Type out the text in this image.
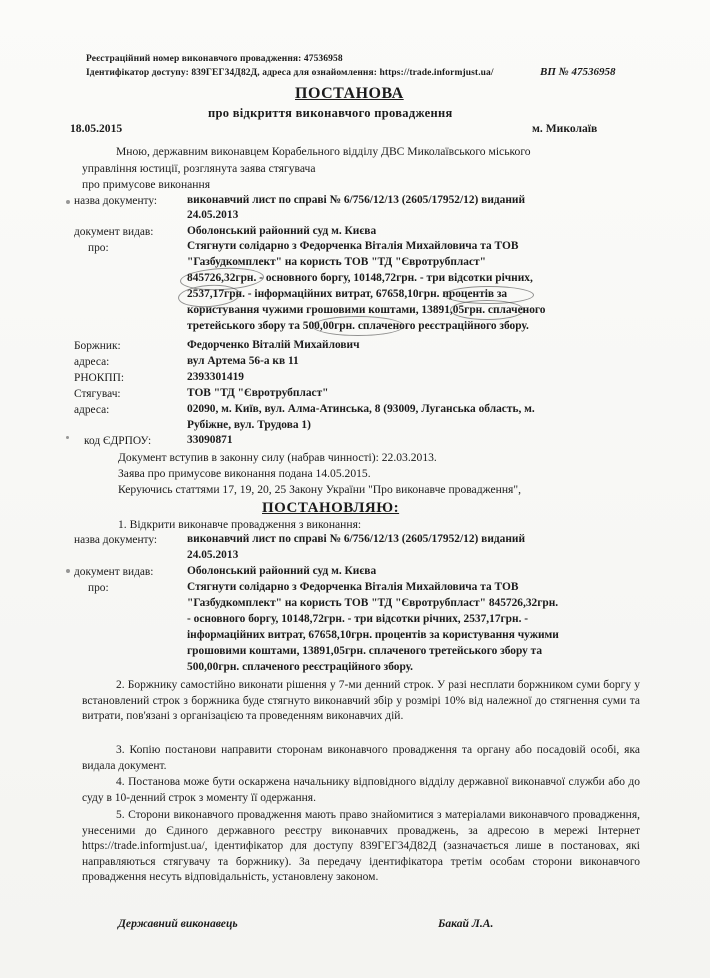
Реєстраційний номер виконавчого провадження: 47536958
Ідентифікатор доступу: 839ГЕГ34Д82Д, адреса для ознайомлення: https://trade.informjust.ua/	ВП № 47536958
ПОСТАНОВА
про відкриття виконавчого провадження
18.05.2015	м. Миколаїв
Мною, державним виконавцем Корабельного відділу ДВС Миколаївського міського
управління юстиції, розглянута заява стягувача
про примусове виконання
назва документу:	виконавчий лист по справі № 6/756/12/13 (2605/17952/12) виданий
24.05.2013
документ видав:	Оболонський районний суд м. Києва
про:	Стягнути солідарно з Федорченка Віталія Михайловича та ТОВ
"Газбудкомплект" на користь ТОВ "ТД "Євротрубпласт"
845726,32грн. - основного боргу, 10148,72грн. - три відсотки річних,
2537,17грн. - інформаційних витрат, 67658,10грн. процентів за
користування чужими грошовими коштами, 13891,05грн. сплаченого
третейського збору та 500,00грн. сплаченого реєстраційного збору.
Боржник:	Федорченко Віталій Михайлович
адреса:	вул Артема 56-а кв 11
РНОКПП:	2393301419
Стягувач:	ТОВ "ТД "Євротрубпласт"
адреса:	02090, м. Київ, вул. Алма-Атинська, 8 (93009, Луганська область, м.
Рубіжне, вул. Трудова 1)
код ЄДРПОУ:	33090871
Документ вступив в законну силу (набрав чинності): 22.03.2013.
Заява про примусове виконання подана 14.05.2015.
Керуючись статтями 17, 19, 20, 25 Закону України "Про виконавче провадження",
ПОСТАНОВЛЯЮ:
1. Відкрити виконавче провадження з виконання:
назва документу:	виконавчий лист по справі № 6/756/12/13 (2605/17952/12) виданий
24.05.2013
документ видав:	Оболонський районний суд м. Києва
про:	Стягнути солідарно з Федорченка Віталія Михайловича та ТОВ
"Газбудкомплект" на користь ТОВ "ТД "Євротрубпласт" 845726,32грн.
- основного боргу, 10148,72грн. - три відсотки річних, 2537,17грн. -
інформаційних витрат, 67658,10грн. процентів за користування чужими
грошовими коштами, 13891,05грн. сплаченого третейського збору та
500,00грн. сплаченого реєстраційного збору.
2. Боржнику самостійно виконати рішення у 7-ми денний строк. У разі несплати боржником суми боргу у встановлений строк з боржника буде стягнуто виконавчий збір у розмірі 10% від належної до стягнення суми та витрати, пов'язані з організацією та проведенням виконавчих дій.
3. Копію постанови направити сторонам виконавчого провадження та органу або посадовій особі, яка видала документ.
4. Постанова може бути оскаржена начальнику відповідного відділу державної виконавчої служби або до суду в 10-денний строк з моменту її одержання.
5. Сторони виконавчого провадження мають право знайомитися з матеріалами виконавчого провадження, унесеними до Єдиного державного реєстру виконавчих проваджень, за адресою в мережі Інтернет https://trade.informjust.ua/, ідентифікатор для доступу 839ГЕГ34Д82Д (зазначається лише в постановах, які направляються стягувачу та боржнику). За передачу ідентифікатора третім особам сторони виконавчого провадження несуть відповідальність, установлену законом.
Державний виконавець	Бакай Л.А.
